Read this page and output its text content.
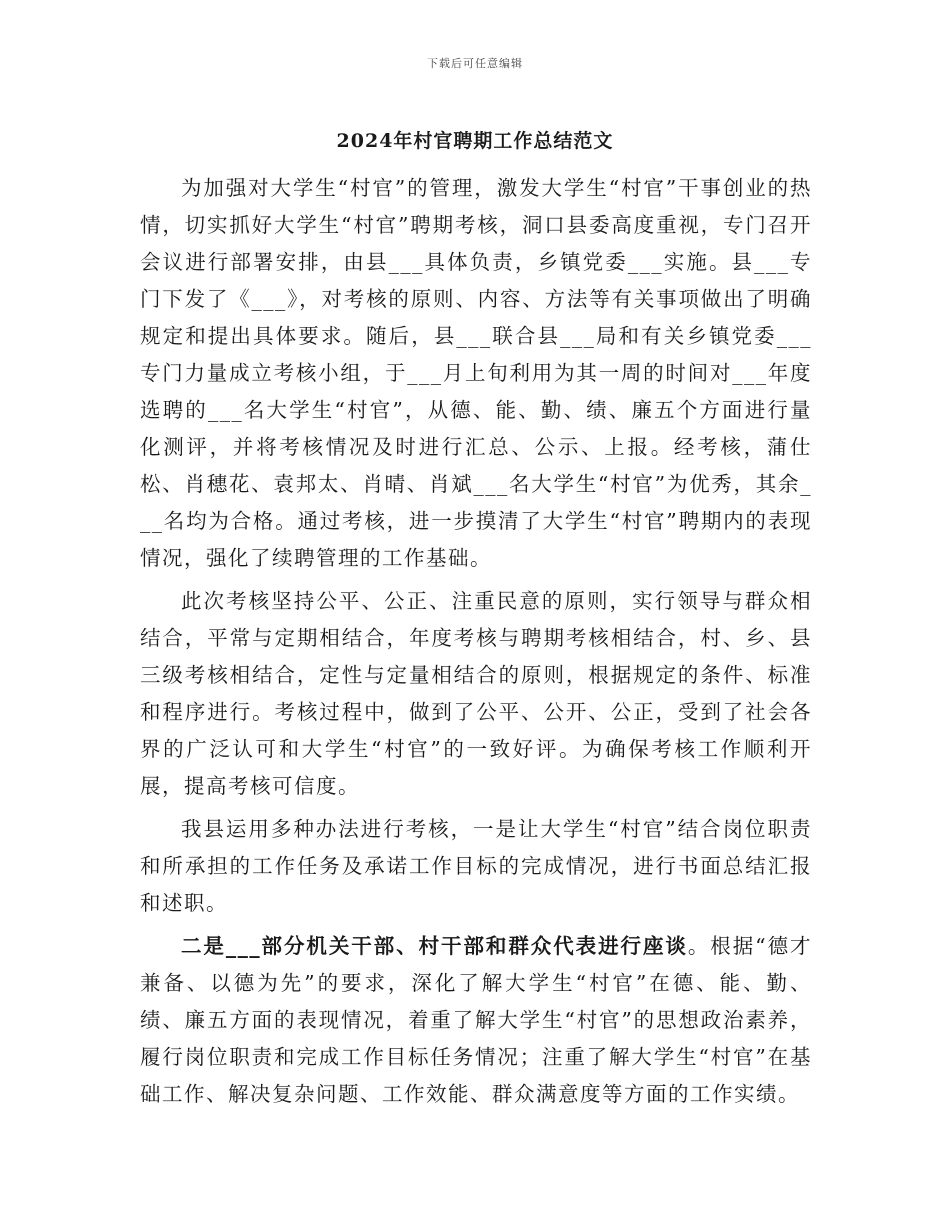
下载后可任意编辑
2024年村官聘期工作总结范文

为加强对大学生“村官”的管理，激发大学生“村官”干事创业的热情，切实抓好大学生“村官”聘期考核，洞口县委高度重视，专门召开会议进行部署安排，由县___具体负责，乡镇党委___实施。县___专门下发了《___》，对考核的原则、内容、方法等有关事项做出了明确规定和提出具体要求。随后，县___联合县___局和有关乡镇党委___专门力量成立考核小组，于___月上旬利用为其一周的时间对___年度选聘的___名大学生“村官”，从德、能、勤、绩、廉五个方面进行量化测评，并将考核情况及时进行汇总、公示、上报。经考核，蒲仕松、肖穗花、袁邦太、肖晴、肖斌___名大学生“村官”为优秀，其余___名均为合格。通过考核，进一步摸清了大学生“村官”聘期内的表现情况，强化了续聘管理的工作基础。

此次考核坚持公平、公正、注重民意的原则，实行领导与群众相结合，平常与定期相结合，年度考核与聘期考核相结合，村、乡、县三级考核相结合，定性与定量相结合的原则，根据规定的条件、标准和程序进行。考核过程中，做到了公平、公开、公正，受到了社会各界的广泛认可和大学生“村官”的一致好评。为确保考核工作顺利开展，提高考核可信度。

我县运用多种办法进行考核，一是让大学生“村官”结合岗位职责和所承担的工作任务及承诺工作目标的完成情况，进行书面总结汇报和述职。

二是___部分机关干部、村干部和群众代表进行座谈。根据“德才兼备、以德为先”的要求，深化了解大学生“村官”在德、能、勤、绩、廉五方面的表现情况，着重了解大学生“村官”的思想政治素养，履行岗位职责和完成工作目标任务情况；注重了解大学生“村官”在基础工作、解决复杂问题、工作效能、群众满意度等方面的工作实绩。
